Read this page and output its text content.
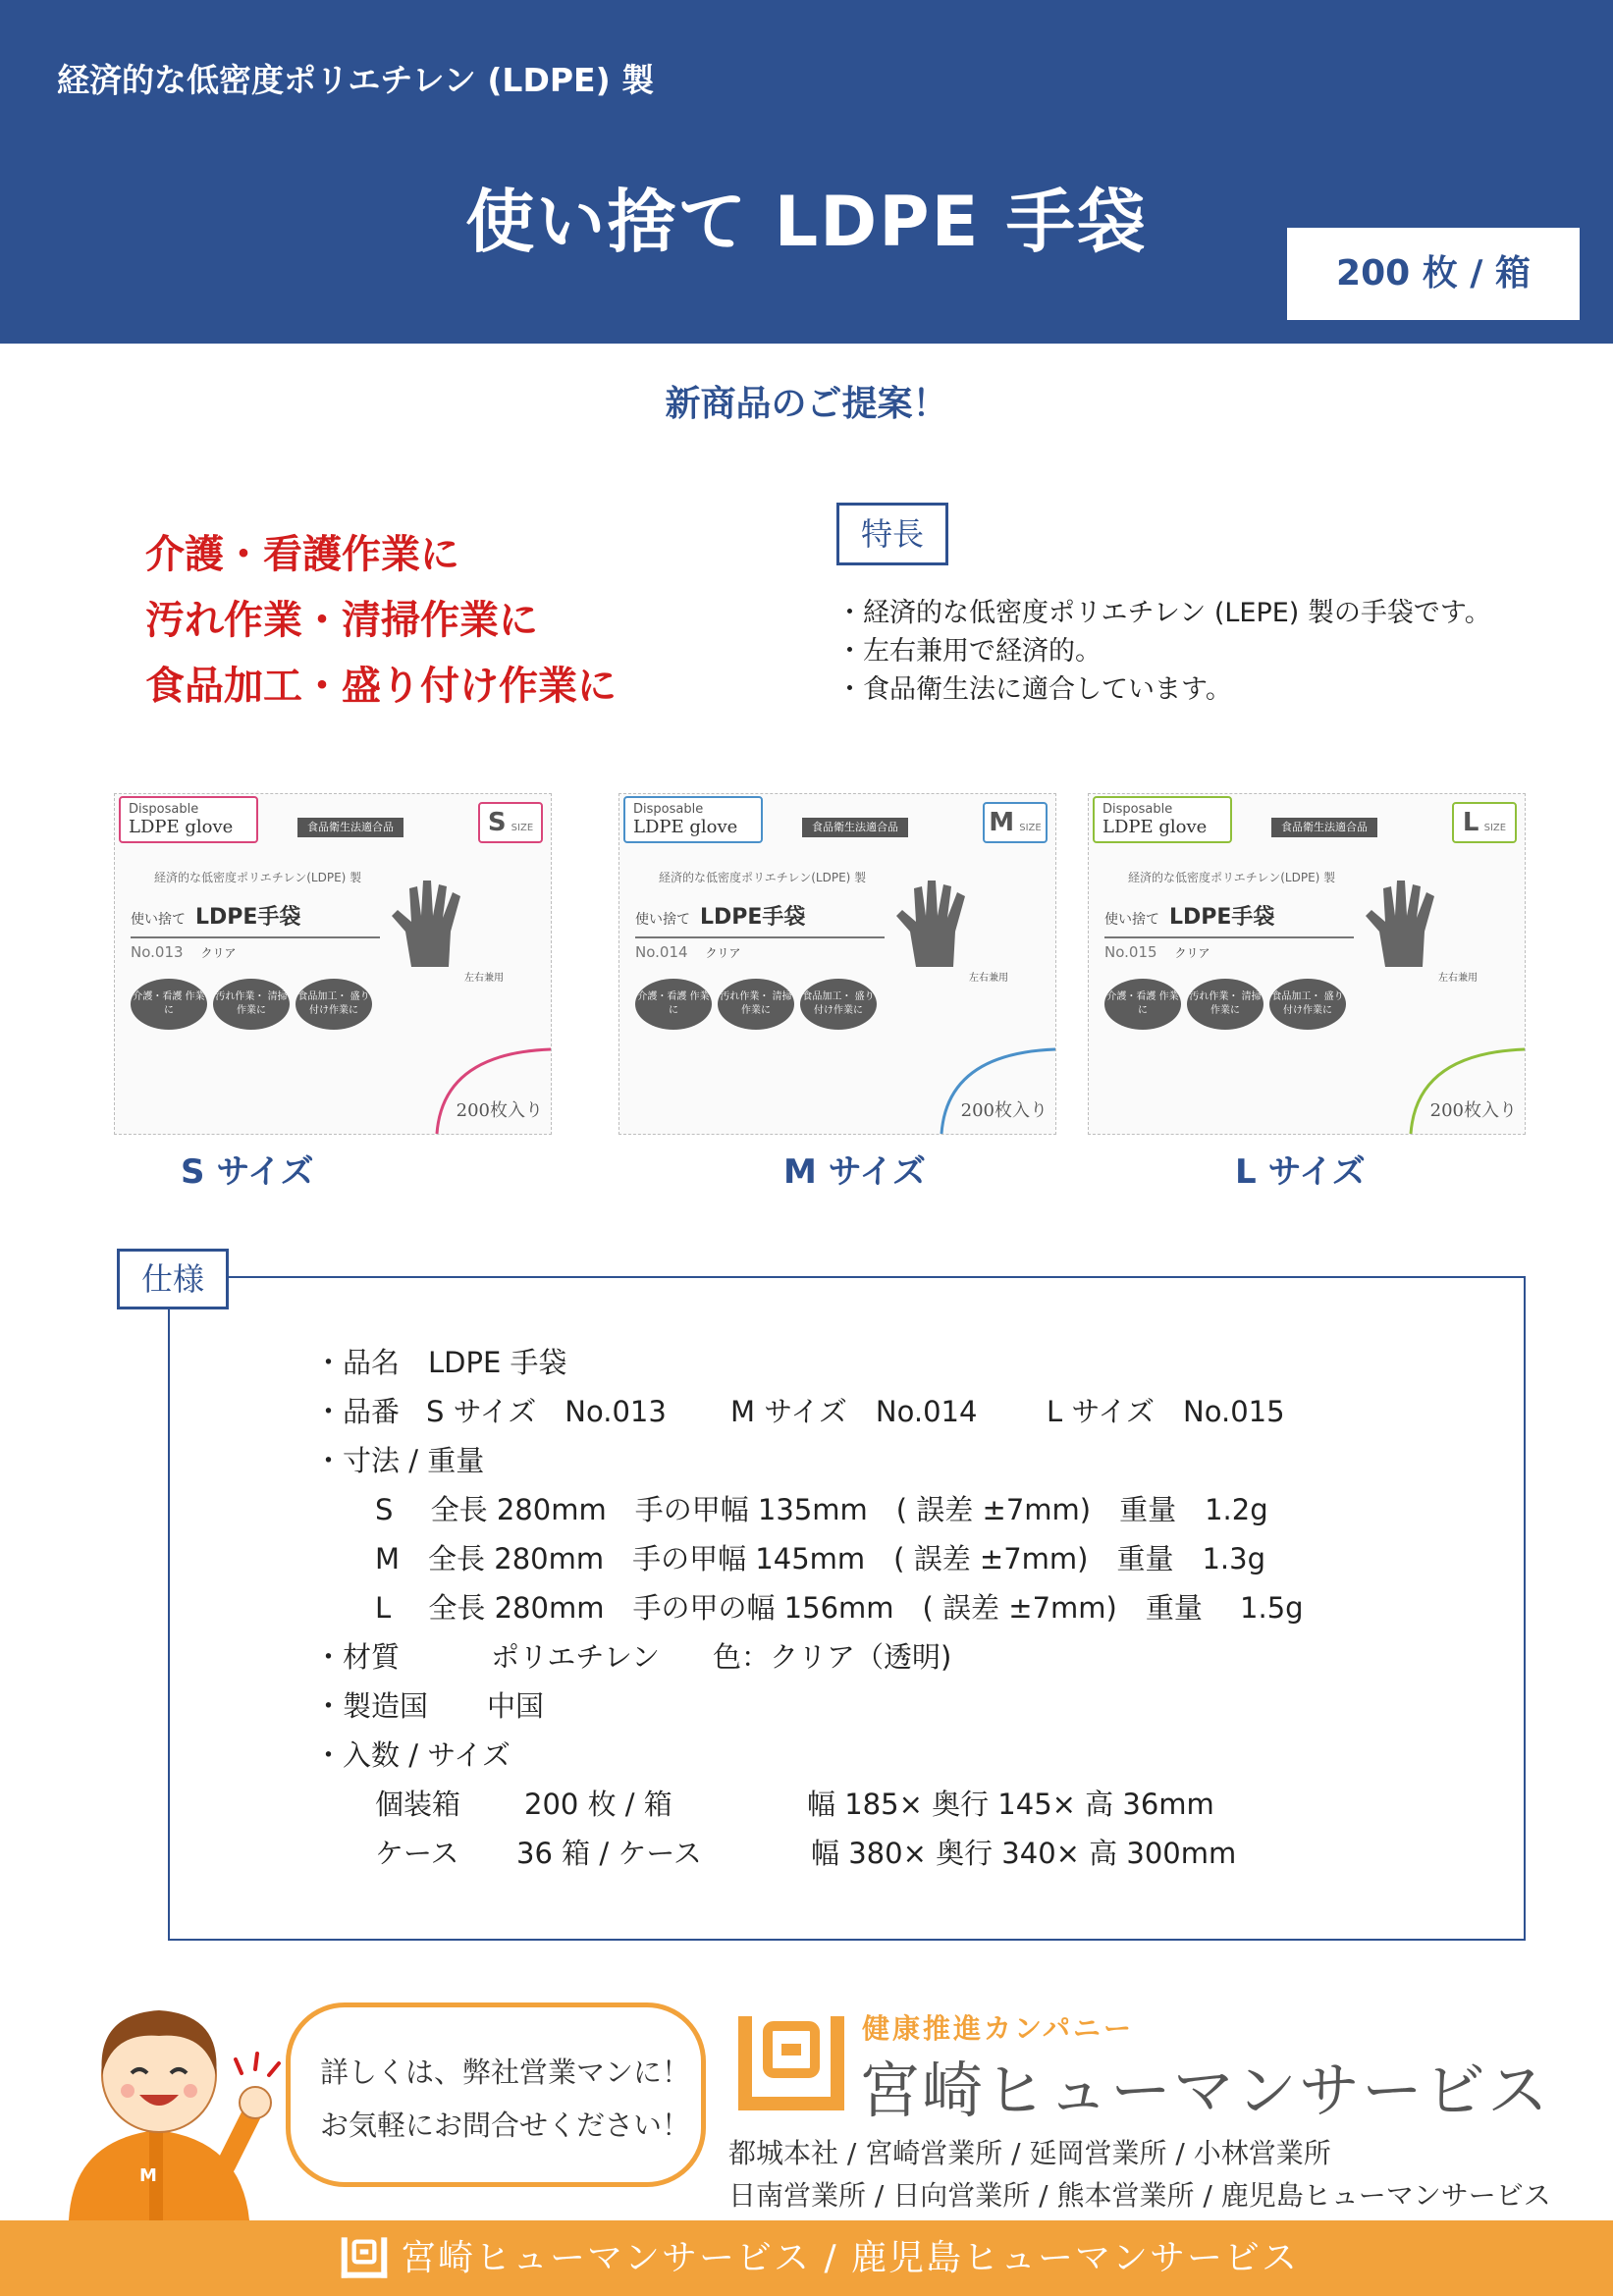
経済的な低密度ポリエチレン (LDPE) 製
使い捨て LDPE 手袋
200 枚 / 箱
新商品のご提案！
介護・看護作業に
汚れ作業・清掃作業に
食品加工・盛り付け作業に
特長
・経済的な低密度ポリエチレン (LEPE) 製の手袋です。
・左右兼用で経済的。
・食品衛生法に適合しています。
Disposable
LDPE glove	食品衛生法適合品	S SIZE
経済的な低密度ポリエチレン(LDPE) 製
使い捨て LDPE手袋
No.013 クリア
介護・看護 作業に汚れ作業・ 清掃作業に食品加工・ 盛り付け作業に
左右兼用
200枚入り
Disposable
LDPE glove	食品衛生法適合品	M SIZE
経済的な低密度ポリエチレン(LDPE) 製
使い捨て LDPE手袋
No.014 クリア
介護・看護 作業に汚れ作業・ 清掃作業に食品加工・ 盛り付け作業に
左右兼用
200枚入り
Disposable
LDPE glove	食品衛生法適合品	L SIZE
経済的な低密度ポリエチレン(LDPE) 製
使い捨て LDPE手袋
No.015 クリア
介護・看護 作業に汚れ作業・ 清掃作業に食品加工・ 盛り付け作業に
左右兼用
200枚入り
S サイズ	M サイズ	L サイズ
仕様
・品名　LDPE 手袋
・品番 S サイズ　No.013 M サイズ　No.014 L サイズ　No.015
・寸法 / 重量
S　 全長 280mm　手の甲幅 135mm　( 誤差 ±7mm)　重量　1.2g
M　全長 280mm　手の甲幅 145mm　( 誤差 ±7mm)　重量　1.3g
L　 全長 280mm　手の甲の幅 156mm　( 誤差 ±7mm)　重量　 1.5g
・材質	ポリエチレン 色：クリア（透明)
・製造国 中国
・入数 / サイズ
個装箱 200 枚 / 箱	幅 185× 奥行 145× 高 36mm
ケース 36 箱 / ケース	幅 380× 奥行 340× 高 300mm
M
詳しくは、弊社営業マンに！
お気軽にお問合せください！
健康推進カンパニー
宮崎ヒューマンサービス
都城本社 / 宮崎営業所 / 延岡営業所 / 小林営業所
日南営業所 / 日向営業所 / 熊本営業所 / 鹿児島ヒューマンサービス
宮崎ヒューマンサービス / 鹿児島ヒューマンサービス
